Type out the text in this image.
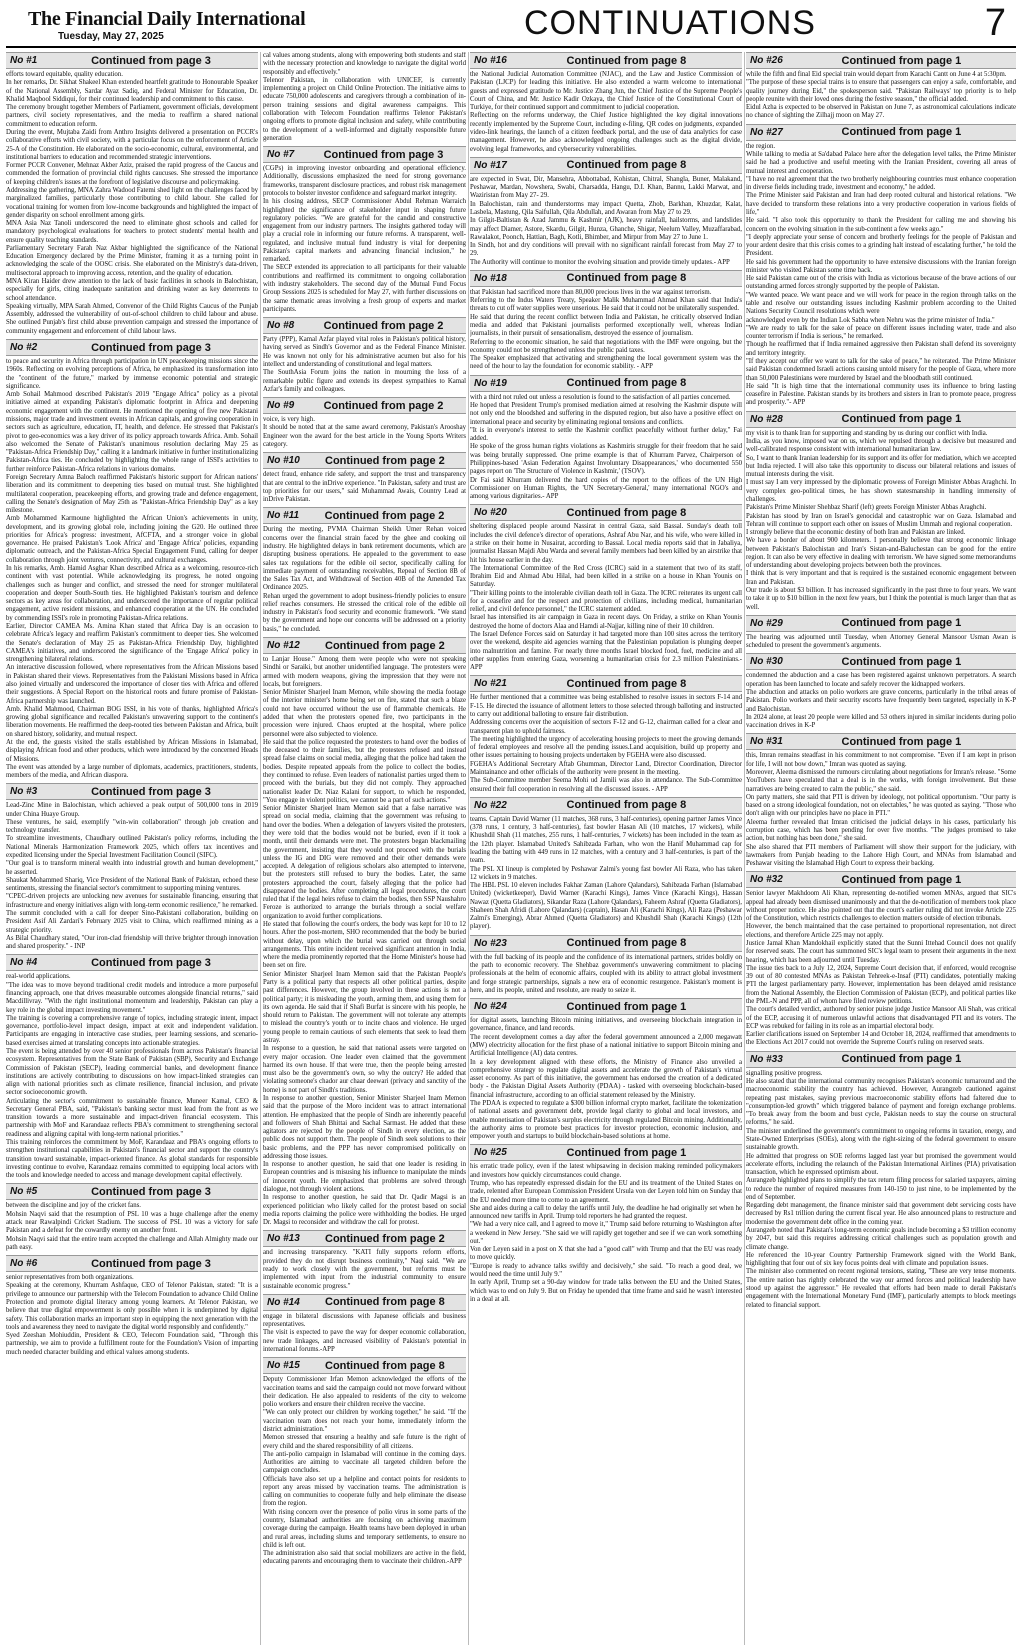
The Financial Daily International
Tuesday, May 27, 2025	CONTINUATIONS	7
No #1	Continued from page 3

efforts toward equitable, quality education.

In her remarks, Dr. Sikhat Shakeel Khan extended heartfelt gratitude to Honourable Speaker of the National Assembly, Sardar Ayaz Sadiq, and Federal Minister for Education, Dr. Khalid Maqbool Siddiqui, for their continued leadership and commitment to this cause.

The ceremony brought together Members of Parliament, government officials, development partners, civil society representatives, and the media to reaffirm a shared national commitment to education reform.

During the event, Mujtaba Zaidi from Anthro Insights delivered a presentation on PCCR's collaborative efforts with civil society, with a particular focus on the enforcement of Article 25-A of the Constitution. He elaborated on the socio-economic, cultural, environmental, and institutional barriers to education and recommended strategic interventions.

Former PCCR Convener, Mehnaz Akber Aziz, praised the rapid progress of the Caucus and commended the formation of provincial child rights caucuses. She stressed the importance of keeping children's issues at the forefront of legislative discourse and policymaking.

Addressing the gathering, MNA Zahra Wadood Fatemi shed light on the challenges faced by marginalized families, particularly those contributing to child labour. She called for vocational training for women from low-income backgrounds and highlighted the impact of gender disparity on school enrollment among girls.

MNA Asia Naz Tanoli underscored the need to eliminate ghost schools and called for mandatory psychological evaluations for teachers to protect students' mental health and ensure quality teaching standards.

Parliamentary Secretary Farah Naz Akbar highlighted the significance of the National Education Emergency declared by the Prime Minister, framing it as a turning point in acknowledging the scale of the OOSC crisis. She elaborated on the Ministry's data-driven, multisectoral approach to improving access, retention, and the quality of education.

MNA Kiran Haider drew attention to the lack of basic facilities in schools in Balochistan, especially for girls, citing inadequate sanitation and drinking water as key deterrents to school attendance.

Speaking virtually, MPA Sarah Ahmed, Convenor of the Child Rights Caucus of the Punjab Assembly, addressed the vulnerability of out-of-school children to child labour and abuse. She outlined Punjab's first child abuse prevention campaign and stressed the importance of community engagement and enforcement of child labour laws.

No #2	Continued from page 3

to peace and security in Africa through participation in UN peacekeeping missions since the 1960s. Reflecting on evolving perceptions of Africa, he emphasized its transformation into the "continent of the future," marked by immense economic potential and strategic significance.

Amb Sohail Mahmood described Pakistan's 2019 "Engage Africa" policy as a pivotal initiative aimed at expanding Pakistan's diplomatic footprint in Africa and deepening economic engagement with the continent. He mentioned the opening of five new Pakistani missions, major trade and investment events in African capitals, and growing cooperation in sectors such as agriculture, education, IT, health, and defence. He stressed that Pakistan's pivot to geo-economics was a key driver of its policy approach towards Africa. Amb. Sohail also welcomed the Senate of Pakistan's unanimous resolution declaring May 25 as "Pakistan-Africa Friendship Day," calling it a landmark initiative in further institutionalizing Pakistan-Africa ties. He concluded by highlighting the whole range of ISSI's activities to further reinforce Pakistan-Africa relations in various domains.

Foreign Secretary Amna Baloch reaffirmed Pakistan's historic support for African nations' liberation and its commitment to deepening ties based on mutual trust. She highlighted multilateral cooperation, peacekeeping efforts, and growing trade and defence engagement, calling the Senate's designation of May 25th as "Pakistan-Africa Friendship Day" as a key milestone.

Amb Mohammed Karmoune highlighted the African Union's achievements in unity, development, and its growing global role, including joining the G20. He outlined three priorities for Africa's progress: investment, AfCFTA, and a stronger voice in global governance. He praised Pakistan's 'Look Africa' and 'Engage Africa' policies, expanding diplomatic outreach, and the Pakistan-Africa Special Engagement Fund, calling for deeper collaboration through joint ventures, connectivity, and cultural exchanges.

In his remarks, Amb. Hamid Asghar Khan described Africa as a welcoming, resource-rich continent with vast potential. While acknowledging its progress, he noted ongoing challenges such as hunger and conflict, and stressed the need for stronger multilateral cooperation and deeper South-South ties. He highlighted Pakistan's tourism and defence sectors as key areas for collaboration, and underscored the importance of regular political engagement, active resident missions, and enhanced cooperation at the UN. He concluded by commending ISSI's role in promoting Pakistan-Africa relations.

Earlier, Director CAMEA Ms. Amina Khan stated that Africa Day is an occasion to celebrate Africa's legacy and reaffirm Pakistan's commitment to deeper ties. She welcomed the Senate's declaration of May 25 as Pakistan-Africa Friendship Day, highlighted CAMEA's initiatives, and underscored the significance of the 'Engage Africa' policy in strengthening bilateral relations.

An interactive discussion followed, where representatives from the African Missions based in Pakistan shared their views. Representatives from the Pakistani Missions based in Africa also joined virtually and underscored the importance of closer ties with Africa and offered their suggestions. A Special Report on the historical roots and future promise of Pakistan-Africa partnership was launched.

Amb. Khalid Mahmood, Chairman BOG ISSI, in his vote of thanks, highlighted Africa's growing global significance and recalled Pakistan's unwavering support to the continent's liberation movements. He reaffirmed the deep-rooted ties between Pakistan and Africa, built on shared history, solidarity, and mutual respect.

At the end, the guests visited the stalls established by African Missions in Islamabad, displaying African food and other products, which were introduced by the concerned Heads of Missions.

The event was attended by a large number of diplomats, academics, practitioners, students, members of the media, and African diaspora.

No #3	Continued from page 3

Lead-Zinc Mine in Balochistan, which achieved a peak output of 500,000 tons in 2019 under China Huaye Group.

These ventures, he said, exemplify "win-win collaboration" through job creation and technology transfer.

To streamline investments, Chaudhary outlined Pakistan's policy reforms, including the National Minerals Harmonization Framework 2025, which offers tax incentives and expedited licensing under the Special Investment Facilitation Council (SIFC).

"Our goal is to transform mineral wealth into industrial growth and human development," he asserted.

Shaukat Mohammed Shariq, Vice President of the National Bank of Pakistan, echoed these sentiments, stressing the financial sector's commitment to supporting mining ventures.

"CPEC-driven projects are unlocking new avenues for sustainable financing, ensuring that infrastructure and energy initiatives align with long-term economic resilience," he remarked.

The summit concluded with a call for deeper Sino-Pakistani collaboration, building on President Asif Ali Zardari's February 2025 visit to China, which reaffirmed mining as a strategic priority.

As Bilal Chaudhary stated, "Our iron-clad friendship will thrive brighter through innovation and shared prosperity." - INP

No #4	Continued from page 3

real-world applications.

"The idea was to move beyond traditional credit models and introduce a more purposeful financing approach, one that drives measurable outcomes alongside financial returns," said Macdillivray. "With the right institutional momentum and leadership, Pakistan can play a key role in the global impact investing movement."

The training is covering a comprehensive range of topics, including strategic intent, impact governance, portfolio-level impact design, impact at exit and independent validation. Participants are engaging in interactive case studies, peer learning sessions, and scenario-based exercises aimed at translating concepts into actionable strategies.

The event is being attended by over 40 senior professionals from across Pakistan's financial ecosystem. Representatives from the State Bank of Pakistan (SBP), Security and Exchange Commission of Pakistan (SECP), leading commercial banks, and development finance institutions are actively contributing to discussions on how impact-linked strategies can align with national priorities such as climate resilience, financial inclusion, and private sector socioeconomic growth.

Articulating the sector's commitment to sustainable finance, Muneer Kamal, CEO & Secretary General PBA, said, "Pakistan's banking sector must lead from the front as we transition towards a more sustainable and impact-driven financial ecosystem. This partnership with MoF and Karandaaz reflects PBA's commitment to strengthening sectoral readiness and aligning capital with long-term national priorities."

This training reinforces the commitment by MoF, Karandaaz and PBA's ongoing efforts to strengthen institutional capabilities in Pakistan's financial sector and support the country's transition toward sustainable, impact-oriented finance. As global standards for responsible investing continue to evolve, Karandaaz remains committed to equipping local actors with the tools and knowledge needed to access and manage development capital effectively.

No #5	Continued from page 3

between the discipline and joy of the cricket fans.

Mohsin Naqvi said that the resumption of PSL 10 was a huge challenge after the enemy attack near Rawalpindi Cricket Stadium. The success of PSL 10 was a victory for safe Pakistan and a defeat for the cowardly enemy on another front.

Mohsin Naqvi said that the entire team accepted the challenge and Allah Almighty made our path easy.

No #6	Continued from page 3

senior representatives from both organizations.

Speaking at the ceremony, Khurram Ashfaque, CEO of Telenor Pakistan, stated: "It is a privilege to announce our partnership with the Telecom Foundation to advance Child Online Protection and promote digital literacy among young learners. At Telenor Pakistan, we believe that true digital empowerment is only possible when it is underpinned by digital safety. This collaboration marks an important step in equipping the next generation with the tools and awareness they need to navigate the digital world responsibly and confidently."

Syed Zeeshan Mohiuddin, President & CEO, Telecom Foundation said, "Through this partnership, we aim to provide a fulfillment route for the Foundation's Vision of imparting much needed character building and ethical values among students.

cal values among students, along with empowering both students and staff with the necessary protection and knowledge to navigate the digital world responsibly and effectively."

Telenor Pakistan, in collaboration with UNICEF, is currently implementing a project on Child Online Protection. The initiative aims to educate 750,000 adolescents and caregivers through a combination of in-person training sessions and digital awareness campaigns. This collaboration with Telecom Foundation reaffirms Telenor Pakistan's ongoing efforts to promote digital inclusion and safety, while contributing to the development of a well-informed and digitally responsible future generation

No #7	Continued from page 3

(CGPs) in improving investor onboarding and operational efficiency. Additionally, discussions emphasized the need for strong governance frameworks, transparent disclosure practices, and robust risk management protocols to bolster investor confidence and safeguard market integrity.

In his closing address, SECP Commissioner Abdul Rehman Warraich highlighted the significance of stakeholder input in shaping future regulatory policies. "We are grateful for the candid and constructive engagement from our industry partners. The insights gathered today will play a crucial role in informing our future reforms. A transparent, well-regulated, and inclusive mutual fund industry is vital for deepening Pakistan's capital markets and advancing financial inclusion," he remarked.

The SECP extended its appreciation to all participants for their valuable contributions and reaffirmed its commitment to ongoing collaboration with industry stakeholders. The second day of the Mutual Fund Focus Group Sessions 2025 is scheduled for May 27, with further discussions on the same thematic areas involving a fresh group of experts and market participants.

No #8	Continued from page 2

Party (PPP), Kamal Azfar played vital roles in Pakistan's political history, having served as Sindh's Governor and as the Federal Finance Minister. He was known not only for his administrative acumen but also for his intellect and understanding of constitutional and legal matters.

The SouthAsia Forum joins the nation in mourning the loss of a remarkable public figure and extends its deepest sympathies to Kamal Azfar's family and colleagues.

No #9	Continued from page 2

voice, is very high.

It should be noted that at the same award ceremony, Pakistan's Arooshay Engineer won the award for the best article in the Young Sports Writers category.

No #10	Continued from page 2

detect fraud, enhance ride safety, and support the trust and transparency that are central to the inDrive experience. "In Pakistan, safety and trust are top priorities for our users," said Muhammad Awais, Country Lead at inDrive Pakistan.

No #11	Continued from page 2

During the meeting, PVMA Chairman Sheikh Umer Rehan voiced concerns over the financial strain faced by the ghee and cooking oil industry. He highlighted delays in bank retirement documents, which are disrupting business operations. He appealed to the government to ease sales tax regulations for the edible oil sector, specifically calling for immediate payment of outstanding receivables, Repeal of Section 8B of the Sales Tax Act, and Withdrawal of Section 40B of the Amended Tax Ordinance 2025.

Rehan urged the government to adopt business-friendly policies to ensure relief reaches consumers. He stressed the critical role of the edible oil industry in Pakistan's food security and economic framework. "We stand by the government and hope our concerns will be addressed on a priority basis," he concluded.

No #12	Continued from page 2

to Lanjar House." Among them were people who were not speaking Sindhi or Saraiki, but another unidentified language. The protesters were armed with modern weapons, giving the impression that they were not locals, but foreigners.

Senior Minister Sharjeel Inam Memon, while showing the media footage of the interior minister's home being set on fire, stated that such a blaze could not have occurred without the use of flammable chemicals. He added that when the protesters opened fire, two participants in the procession were injured. Chaos erupted at the hospital, where police personnel were also subjected to violence.

He said that the police requested the protesters to hand over the bodies of the deceased to their families, but the protesters refused and instead spread false claims on social media, alleging that the police had taken the bodies. Despite repeated appeals from the police to collect the bodies, they continued to refuse. Even leaders of nationalist parties urged them to proceed with the burials, but they did not comply. They approached nationalist leader Dr. Niaz Kalani for support, to which he responded, "You engage in violent politics, we cannot be a part of such actions."

Senior Minister Sharjeel Inam Memon said that a false narrative was spread on social media, claiming that the government was refusing to hand over the bodies. When a delegation of lawyers visited the protesters, they were told that the bodies would not be buried, even if it took a month, until their demands were met. The protesters began blackmailing the government, insisting that they would not proceed with the burials unless the IG and DIG were removed and their other demands were accepted. A delegation of religious scholars also attempted to intervene, but the protesters still refused to bury the bodies. Later, the same protesters approached the court, falsely alleging that the police had disappeared the bodies. After completing all legal procedures, the court ruled that if the legal heirs refuse to claim the bodies, then SSP Naushahro Feroze is authorized to arrange the burials through a social welfare organization to avoid further complications.

He stated that following the court's orders, the body was kept for 10 to 12 hours. After the post-mortem, SHO recommended that the body be buried without delay, upon which the burial was carried out through social arrangements. This entire incident received significant attention in India, where the media prominently reported that the Home Minister's house had been set on fire.

Senior Minister Sharjeel Inam Memon said that the Pakistan People's Party is a political party that respects all other political parties, despite past differences. However, the group involved in these actions is not a political party; it is misleading the youth, arming them, and using them for its own agenda. He said that if Shafi Burfat is sincere with his people, he should return to Pakistan. The government will not tolerate any attempts to mislead the country's youth or to incite chaos and violence. He urged young people to remain cautious of such elements that seek to lead them astray.

In response to a question, he said that national assets were targeted on every major occasion. One leader even claimed that the government harmed its own house. If that were true, then the people being arrested must also be the government's own, so why the outcry? He added that violating someone's chador aur chaar deewari (privacy and sanctity of the home) is not part of Sindh's traditions.

In response to another question, Senior Minister Sharjeel Inam Memon said that the purpose of the Moro incident was to attract international attention. He emphasized that the people of Sindh are inherently peaceful and followers of Shah Bhittai and Sachal Sarmast. He added that these agitators are rejected by the people of Sindh in every election, as the public does not support them. The people of Sindh seek solutions to their basic problems, and the PPP has never compromised politically on addressing those issues.

In response to another question, he said that one leader is residing in European countries and is misusing his influence to manipulate the minds of innocent youth. He emphasized that problems are solved through dialogue, not through violent actions.

In response to another question, he said that Dr. Qadir Magsi is an experienced politician who likely called for the protest based on social media reports claiming the police were withholding the bodies. He urged Dr. Magsi to reconsider and withdraw the call for protest.

No #13	Continued from page 2

and increasing transparency. "KATI fully supports reform efforts, provided they do not disrupt business continuity," Naqi said. "We are ready to work closely with the government, but reforms must be implemented with input from the industrial community to ensure sustainable economic progress."

No #14	Continued from page 8

engage in bilateral discussions with Japanese officials and business representatives.

The visit is expected to pave the way for deeper economic collaboration, new trade linkages, and increased visibility of Pakistan's potential in international forums.-APP

No #15	Continued from page 8

Deputy Commissioner Irfan Memon acknowledged the efforts of the vaccination teams and said the campaign could not move forward without their dedication. He also appealed to residents of the city to welcome polio workers and ensure their children receive the vaccine.

"We can only protect our children by working together," he said. "If the vaccination team does not reach your home, immediately inform the district administration."

Memon stressed that ensuring a healthy and safe future is the right of every child and the shared responsibility of all citizens.

The anti-polio campaign in Islamabad will continue in the coming days. Authorities are aiming to vaccinate all targeted children before the campaign concludes.

Officials have also set up a helpline and contact points for residents to report any areas missed by vaccination teams. The administration is calling on communities to cooperate fully and help eliminate the disease from the region.

With rising concern over the presence of polio virus in some parts of the country, Islamabad authorities are focusing on achieving maximum coverage during the campaign. Health teams have been deployed in urban and rural areas, including slums and temporary settlements, to ensure no child is left out.

The administration also said that social mobilizers are active in the field, educating parents and encouraging them to vaccinate their children.-APP

No #16	Continued from page 8

the National Judicial Automation Committee (NJAC), and the Law and Justice Commission of Pakistan (LJCP) for leading this initiative. He also extended a warm welcome to international guests and expressed gratitude to Mr. Justice Zhang Jun, the Chief Justice of the Supreme People's Court of China, and Mr. Justice Kadir Ozkaya, the Chief Justice of the Constitutional Court of Turkiye, for their continued support and commitment to judicial cooperation.

Reflecting on the reforms underway, the Chief Justice highlighted the key digital innovations recently implemented by the Supreme Court, including e-filing, QR codes on judgments, expanded video-link hearings, the launch of a citizen feedback portal, and the use of data analytics for case management. However, he also acknowledged ongoing challenges such as the digital divide, evolving legal frameworks, and cybersecurity vulnerabilities.

No #17	Continued from page 8

are expected in Swat, Dir, Mansehra, Abbottabad, Kohistan, Chitral, Shangla, Buner, Malakand, Peshawar, Mardan, Nowshera, Swabi, Charsadda, Hangu, D.I. Khan, Bannu, Lakki Marwat, and Waziristan from May 27- 29.

In Balochistan, rain and thunderstorms may impact Quetta, Zhob, Barkhan, Khuzdar, Kalat, Lasbela, Mastung, Qila Saifullah, Qila Abdullah, and Awaran from May 27 to 29.

In Gilgit-Baltistan & Azad Jammu & Kashmir (AJK), heavy rainfall, hailstorms, and landslides may affect Diamer, Astore, Skardu, Gilgit, Hunza, Ghanche, Shigar, Neelum Valley, Muzaffarabad, Rawalakot, Poonch, Hattian, Bagh, Kotli, Bhimber, and Mirpur from May 27 to June 1.

In Sindh, hot and dry conditions will prevail with no significant rainfall forecast from May 27 to 29.

The Authority will continue to monitor the evolving situation and provide timely updates.- APP

No #18	Continued from page 8

that Pakistan had sacrificed more than 80,000 precious lives in the war against terrorism.

Referring to the Indus Waters Treaty, Speaker Malik Muhammad Ahmad Khan said that India's threats to cut off water supplies were unserious. He said that it could not be unilaterally suspended.

He said that during the recent conflict between India and Pakistan, he critically observed Indian media and added that Pakistani journalists performed exceptionally well, whereas Indian journalists, in their pursuit of sensationalism, destroyed the essence of journalism.

Referring to the economic situation, he said that negotiations with the IMF were ongoing, but the economy could not be strengthened unless the public paid taxes.

The Speaker emphasized that activating and strengthening the local government system was the need of the hour to lay the foundation for economic stability. - APP

No #19	Continued from page 8

with a third not ruled out unless a resolution is found to the satisfaction of all parties concerned.

He hoped that President Trump's promised mediation aimed at resolving the Kashmir dispute will not only end the bloodshed and suffering in the disputed region, but also have a positive effect on international peace and security by eliminating regional tensions and conflicts.

"It is in everyone's interest to settle the Kashmir conflict peacefully without further delay," Fai added.

He spoke of the gross human rights violations as Kashmiris struggle for their freedom that he said was being brutally suppressed. One prime example is that of Khurram Parvez, Chairperson of Philippines-based 'Asian Federation Against Involuntary Disappearances,' who documented 550 pages report on 'The Structure of Violence in Kashmir,' (TSOV).

Dr Fai said Khurram delivered the hard copies of the report to the offices of the UN High Commissioner on Human Rights, the 'UN Secretary-General,' many international NGO's and among various dignitaries.- APP

No #20	Continued from page 8

sheltering displaced people around Nassirat in central Gaza, said Bassal. Sunday's death toll includes the civil defence's director of operations, Ashraf Abu Nar, and his wife, who were killed in a strike on their home in Nusairat, according to Bassal. Local media reports said that in Jabaliya, journalist Hassan Majdi Abu Warda and several family members had been killed by an airstrike that hit his house earlier in the day.

The International Committee of the Red Cross (ICRC) said in a statement that two of its staff, Ibrahim Eid and Ahmad Abu Hilal, had been killed in a strike on a house in Khan Younis on Saturday.

"Their killing points to the intolerable civilian death toll in Gaza. The ICRC reiterates its urgent call for a ceasefire and for the respect and protection of civilians, including medical, humanitarian relief, and civil defence personnel," the ICRC statement added.

Israel has intensified its air campaign in Gaza in recent days. On Friday, a strike on Khan Younis destroyed the home of doctors Alaa and Hamdi al-Najjar, killing nine of their 10 children.

The Israel Defence Forces said on Saturday it had targeted more than 100 sites across the territory over the weekend, despite aid agencies warning that the Palestinian population is plunging deeper into malnutrition and famine. For nearly three months Israel blocked food, fuel, medicine and all other supplies from entering Gaza, worsening a humanitarian crisis for 2.3 million Palestinians.- APP

No #21	Continued from page 8

He further mentioned that a committee was being established to resolve issues in sectors F-14 and F-15. He directed the issuance of allotment letters to those selected through balloting and instructed to carry out additional balloting to ensure fair distribution.

Addressing concerns over the acquisition of sectors F-12 and G-12, chairman called for a clear and transparent plan to uphold fairness.

The meeting highlighted the urgency of accelerating housing projects to meet the growing demands of federal employees and resolve all the pending issues.Land acquisition, build up property and other issues pertaining to housing projects undertaken by FGEHA were also discussed.

FGEHA's Additional Secretary Aftab Ghumman, Director Land, Director Coordination, Director Maintainance and other officials of the authority were present in the meeting.

The Sub-Committee member Seema Mohi ud Jamili was also in attendance. The Sub-Committee ensured their full cooperation in resolving all the discussed issues. - APP

No #22	Continued from page 8

teams. Captain David Warner (11 matches, 368 runs, 3 half-centuries), opening partner James Vince (378 runs, 1 century, 3 half-centuries), fast bowler Hasan Ali (10 matches, 17 wickets), while Khushdil Shah (11 matches, 255 runs, 1 half-centuries, 7 wickets) has been included in the team as the 12th player. Islamabad United's Sahibzada Farhan, who won the Hanif Muhammad cap for leading the batting with 449 runs in 12 matches, with a century and 3 half-centuries, is part of the team.

The PSL XI lineup is completed by Peshawar Zalmi's young fast bowler Ali Raza, who has taken 12 wickets in 9 matches.

The HBL PSL 10 eleven includes Fakhar Zaman (Lahore Qalandars), Sahibzada Farhan (Islamabad United) (wicketkeeper), David Warner (Karachi Kings), James Vince (Karachi Kings), Hassan Nawaz (Quetta Gladiators), Sikandar Raza (Lahore Qalandars), Faheem Ashraf (Quetta Gladiators), Shaheen Shah Afridi (Lahore Qalandars) (captain), Hasan Ali (Karachi Kings), Ali Raza (Peshawar Zalmi's Emerging), Abrar Ahmed (Quetta Gladiators) and Khushdil Shah (Karachi Kings) (12th player).

No #23	Continued from page 8

with the full backing of its people and the confidence of its international partners, strides boldly on the path to economic recovery. The Shehbaz government's unwavering commitment to placing professionals at the helm of economic affairs, coupled with its ability to attract global investment and forge strategic partnerships, signals a new era of economic resurgence. Pakistan's moment is here, and its people, united and resolute, are ready to seize it.

No #24	Continued from page 1

for digital assets, launching Bitcoin mining initiatives, and overseeing blockchain integration in governance, finance, and land records.

The recent development comes a day after the federal government announced a 2,000 megawatt (MW) electricity allocation for the first phase of a national initiative to support Bitcoin mining and Artificial Intelligence (AI) data centres.

In a key development aligned with these efforts, the Ministry of Finance also unveiled a comprehensive strategy to regulate digital assets and accelerate the growth of Pakistan's virtual asset economy. As part of this initiative, the government has endorsed the creation of a dedicated body - the Pakistan Digital Assets Authority (PDAA) - tasked with overseeing blockchain-based financial infrastructure, according to an official statement released by the Ministry.

The PDAA is expected to regulate a $300 billion informal crypto market, facilitate the tokenization of national assets and government debt, provide legal clarity to global and local investors, and enable monetisation of Pakistan's surplus electricity through regulated Bitcoin mining. Additionally, the authority aims to promote best practices for investor protection, economic inclusion, and empower youth and startups to build blockchain-based solutions at home.

No #25	Continued from page 1

his erratic trade policy, even if the latest whipsawing in decision making reminded policymakers and investors how quickly circumstances could change.

Trump, who has repeatedly expressed disdain for the EU and its treatment of the United States on trade, relented after European Commission President Ursula von der Leyen told him on Sunday that the EU needed more time to come to an agreement.

She and aides during a call to delay the tariffs until July, the deadline he had originally set when he announced new tariffs in April. Trump told reporters he had granted the request.

"We had a very nice call, and I agreed to move it," Trump said before returning to Washington after a weekend in New Jersey. "She said we will rapidly get together and see if we can work something out."

Von der Leyen said in a post on X that she had a "good call" with Trump and that the EU was ready to move quickly.

"Europe is ready to advance talks swiftly and decisively," she said. "To reach a good deal, we would need the time until July 9."

In early April, Trump set a 90-day window for trade talks between the EU and the United States, which was to end on July 9. But on Friday he upended that time frame and said he wasn't interested in a deal at all.

No #26	Continued from page 1

while the fifth and final Eid special train would depart from Karachi Cantt on June 4 at 5:30pm.

"The purpose of these special trains is to ensure that passengers can enjoy a safe, comfortable, and quality journey during Eid," the spokesperson said. "Pakistan Railways' top priority is to help people reunite with their loved ones during the festive season," the official added.

Eidul Azha is expected to be observed in Pakistan on June 7, as astronomical calculations indicate no chance of sighting the Zilhajj moon on May 27.

No #27	Continued from page 1

the region.

While talking to media at Sa'dabad Palace here after the delegation level talks, the Prime Minister said he had a productive and useful meeting with the Iranian President, covering all areas of mutual interest and cooperation.

"I have no real agreement that the two brotherly neighbouring countries must enhance cooperation in diverse fields including trade, investment and economy," he added.

The Prime Minister said Pakistan and Iran had deep rooted cultural and historical relations. "We have decided to transform these relations into a very productive cooperation in various fields of life,"

He said. "I also took this opportunity to thank the President for calling me and showing his concern on the evolving situation in the sub-continent a few weeks ago."

"I deeply appreciate your sense of concern and brotherly feelings for the people of Pakistan and your ardent desire that this crisis comes to a grinding halt instead of escalating further," he told the President.

He said his government had the opportunity to have extensive discussions with the Iranian foreign minister who visited Pakistan some time back.

He said Pakistan came out of the crisis with India as victorious because of the brave actions of our outstanding armed forces strongly supported by the people of Pakistan.

"We wanted peace. We want peace and we will work for peace in the region through talks on the table and resolve our outstanding issues including Kashmir problem according to the United Nations Security Council resolutions which were

acknowledged even by the Indian Lok Sabha when Nehru was the prime minister of India."

"We are ready to talk for the sake of peace on different issues including water, trade and also counter terrorism if India is serious," he remarked.

Though he reaffirmed that if India remained aggressive then Pakistan shall defend its sovereignty and territory integrity.

"If they accept our offer we want to talk for the sake of peace," he reiterated. The Prime Minister said Pakistan condemned Israeli actions causing untold misery for the people of Gaza, where more than 50,000 Palestinians were murdered by Israel and the bloodbath still continued.

He said "It is high time that the international community uses its influence to bring lasting ceasefire in Palestine. Pakistan stands by its brothers and sisters in Iran to promote peace, progress and prosperity."- APP

No #28	Continued from page 1

my visit is to thank Iran for supporting and standing by us during our conflict with India.

India, as you know, imposed war on us, which we repulsed through a decisive but measured and well-calibrated response consistent with international humanitarian law.

So, I want to thank Iranian leadership for its support and its offer for mediation, which we accepted but India rejected. I will also take this opportunity to discuss our bilateral relations and issues of mutual interests during the visit.

I must say I am very impressed by the diplomatic prowess of Foreign Minister Abbas Araghchi. In very complex geo-political times, he has shown statesmanship in handling immensity of challenges.

Pakistan's Prime Minister Shehbaz Sharif (left) greets Foreign Minister Abbas Araghchi.

Pakistan has stood by Iran on Israel's genocidal and catastrophic war on Gaza. Islamabad and Tehran will continue to support each other on issues of Muslim Ummah and regional cooperation.

I strongly believe that the economic destiny of both Iran and Pakistan are linked.

We have a border of about 900 kilometers. I personally believe that strong economic linkage between Pakistan's Balochistan and Iran's Sistan-and-Baluchestan can be good for the entire region. It can also be very effective in dealing with terrorism. We have signed some memorandums of understanding about developing projects between both the provinces.

I think that is very important and that is required is the sustained economic engagement between Iran and Pakistan.

Our trade is about $3 billion. It has increased significantly in the past three to four years. We want to take it up to $10 billion in the next few years, but I think the potential is much larger than that as well.

No #29	Continued from page 1

The hearing was adjourned until Tuesday, when Attorney General Mansoor Usman Awan is scheduled to present the government's arguments.

No #30	Continued from page 1

condemned the abduction and a case has been registered against unknown perpetrators. A search operation has been launched to locate and safely recover the kidnapped workers.

The abduction and attacks on polio workers are grave concerns, particularly in the tribal areas of Pakistan. Polio workers and their security escorts have frequently been targeted, especially in K-P and Balochistan.

In 2024 alone, at least 20 people were killed and 53 others injured in similar incidents during polio vaccination drives in K-P

No #31	Continued from page 1

this, Imran remains steadfast in his commitment to not compromise. "Even if I am kept in prison for life, I will not bow down," Imran was quoted as saying.

Moreover, Aleema dismissed the rumours circulating about negotiations for Imran's release. "Some YouTubers have speculated that a deal is in the works, with foreign involvement. But these narratives are being created to calm the public," she said.

On party matters, she said that PTI is driven by ideology, not political opportunism. "Our party is based on a strong ideological foundation, not on electables," he was quoted as saying. "Those who don't align with our principles have no place in PTI."

Aleema further revealed that Imran criticised the judicial delays in his cases, particularly his corruption case, which has been pending for over five months. "The judges promised to take action, but nothing has been done," she said.

She also shared that PTI members of Parliament will show their support for the judiciary, with lawmakers from Punjab heading to the Lahore High Court, and MNAs from Islamabad and Peshawar visiting the Islamabad High Court to express their backing.

No #32	Continued from page 1

Senior lawyer Makhdoom Ali Khan, representing de-notified women MNAs, argued that SIC's appeal had already been dismissed unanimously and that the de-notification of members took place without proper notice. He also pointed out that the court's earlier ruling did not invoke Article 225 of the Constitution, which restricts challenges to election matters outside of election tribunals.

However, the bench maintained that the case pertained to proportional representation, not direct elections, and therefore Article 225 may not apply.

Justice Jamal Khan Mandokhail explicitly stated that the Sunni Ittehad Council does not qualify for reserved seats. The court has summoned SIC's legal team to present their arguments in the next hearing, which has been adjourned until Tuesday.

The issue ties back to a July 12, 2024, Supreme Court decision that, if enforced, would recognise 39 out of 80 contested MNAs as Pakistan Tehreek-e-Insaf (PTI) candidates, potentially making PTI the largest parliamentary party. However, implementation has been delayed amid resistance from the National Assembly, the Election Commission of Pakistan (ECP), and political parties like the PML-N and PPP, all of whom have filed review petitions.

The court's detailed verdict, authored by senior puisne judge Justice Mansoor Ali Shah, was critical of the ECP, accusing it of numerous unlawful actions that disadvantaged PTI and its voters. The ECP was rebuked for failing in its role as an impartial electoral body.

Earlier clarifications issued on September 14 and October 18, 2024, reaffirmed that amendments to the Elections Act 2017 could not override the Supreme Court's ruling on reserved seats.

No #33	Continued from page 1

signalling positive progress.

He also stated that the international community recognises Pakistan's economic turnaround and the macroeconomic stability the country has achieved. However, Aurangzeb cautioned against repeating past mistakes, saying previous macroeconomic stability efforts had faltered due to "consumption-led growth" which triggered balance of payment and foreign exchange problems. "To break away from the boom and bust cycle, Pakistan needs to stay the course on structural reforms," he said.

The minister underlined the government's commitment to ongoing reforms in taxation, energy, and State-Owned Enterprises (SOEs), along with the right-sizing of the federal government to ensure sustainable growth.

He admitted that progress on SOE reforms lagged last year but promised the government would accelerate efforts, including the relaunch of the Pakistan International Airlines (PIA) privatisation transaction, which he expressed optimism about.

Aurangzeb highlighted plans to simplify the tax return filing process for salaried taxpayers, aiming to reduce the number of required measures from 140-150 to just nine, to be implemented by the end of September.

Regarding debt management, the finance minister said that government debt servicing costs have decreased by Rs1 trillion during the current fiscal year. He also announced plans to restructure and modernise the government debt office in the coming year.

Aurangzeb noted that Pakistan's long-term economic goals include becoming a $3 trillion economy by 2047, but said this requires addressing critical challenges such as population growth and climate change.

He referenced the 10-year Country Partnership Framework signed with the World Bank, highlighting that four out of six key focus points deal with climate and population issues.

The minister also commented on recent regional tensions, stating, "These are very tense moments. The entire nation has rightly celebrated the way our armed forces and political leadership have stood up against the aggressor." He revealed that efforts had been made to derail Pakistan's engagement with the International Monetary Fund (IMF), particularly attempts to block meetings related to financial support.
